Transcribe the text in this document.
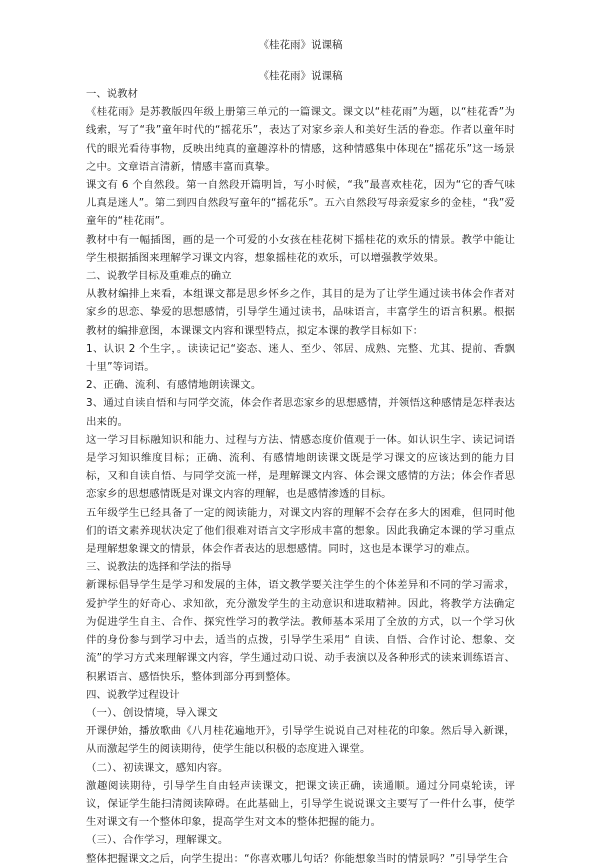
《桂花雨》说课稿

《桂花雨》说课稿

一、说教材

《桂花雨》是苏教版四年级上册第三单元的一篇课文。课文以“桂花雨”为题，以“桂花香”为线索，写了“我”童年时代的“摇花乐”，表达了对家乡亲人和美好生活的眷恋。作者以童年时代的眼光看待事物，反映出纯真的童趣淳朴的情感，这种情感集中体现在“摇花乐”这一场景之中。文章语言清新，情感丰富而真挚。

课文有 6 个自然段。第一自然段开篇明旨，写小时候，“我”最喜欢桂花，因为“它的香气味儿真是迷人”。第二到四自然段写童年的“摇花乐”。五六自然段写母亲爱家乡的金桂，“我”爱童年的“桂花雨”。

教材中有一幅插图，画的是一个可爱的小女孩在桂花树下摇桂花的欢乐的情景。教学中能让学生根据插图来理解学习课文内容，想象摇桂花的欢乐，可以增强教学效果。

二、说教学目标及重难点的确立

从教材编排上来看，本组课文都是思乡怀乡之作，其目的是为了让学生通过读书体会作者对家乡的思恋、挚爱的思想感情，引导学生通过读书，品味语言，丰富学生的语言积累。根据教材的编排意图，本课课文内容和课型特点，拟定本课的教学目标如下：

1、认识 2 个生字，。读读记记“姿态、迷人、至少、邻居、成熟、完整、尤其、提前、香飘十里”等词语。

2、正确、流利、有感情地朗读课文。

3、通过自读自悟和与同学交流，体会作者思恋家乡的思想感情，并领悟这种感情是怎样表达出来的。

这一学习目标融知识和能力、过程与方法、情感态度价值观于一体。如认识生字、读记词语是学习知识维度目标；正确、流利、有感情地朗读课文既是学习课文的应该达到的能力目标，又和自读自悟、与同学交流一样，是理解课文内容、体会课文感情的方法；体会作者思恋家乡的思想感情既是对课文内容的理解，也是感情渗透的目标。

五年级学生已经具备了一定的阅读能力，对课文内容的理解不会存在多大的困难，但同时他们的语文素养现状决定了他们很难对语言文字形成丰富的想象。因此我确定本课的学习重点是理解想象课文的情景，体会作者表达的思想感情。同时，这也是本课学习的难点。

三、说教法的选择和学法的指导

新课标倡导学生是学习和发展的主体，语文教学要关注学生的个体差异和不同的学习需求，爱护学生的好奇心、求知欲，充分激发学生的主动意识和进取精神。因此，将教学方法确定为促进学生自主、合作、探究性学习的教学法。教师基本采用了全放的方式，以一个学习伙伴的身份参与到学习中去，适当的点拨，引导学生采用“ 自读、自悟、合作讨论、想象、交流”的学习方式来理解课文内容，学生通过动口说、动手表演以及各种形式的读来训练语言、积累语言、感悟快乐，整体到部分再到整体。

四、说教学过程设计

（一）、创设情境，导入课文

开课伊始，播放歌曲《八月桂花遍地开》，引导学生说说自己对桂花的印象。然后导入新课，从而激起学生的阅读期待，使学生能以积极的态度进入课堂。

（二）、初读课文，感知内容。

激趣阅读期待，引导学生自由轻声读课文，把课文读正确，读通顺。通过分同桌轮读，评议，保证学生能扫清阅读障碍。在此基础上，引导学生说说课文主要写了一件什么事，使学生对课文有一个整体印象，提高学生对文本的整体把握的能力。

（三）、合作学习，理解课文。

整体把握课文之后，向学生提出：“你喜欢哪儿句话？你能想象当时的情景吗？”引导学生合
